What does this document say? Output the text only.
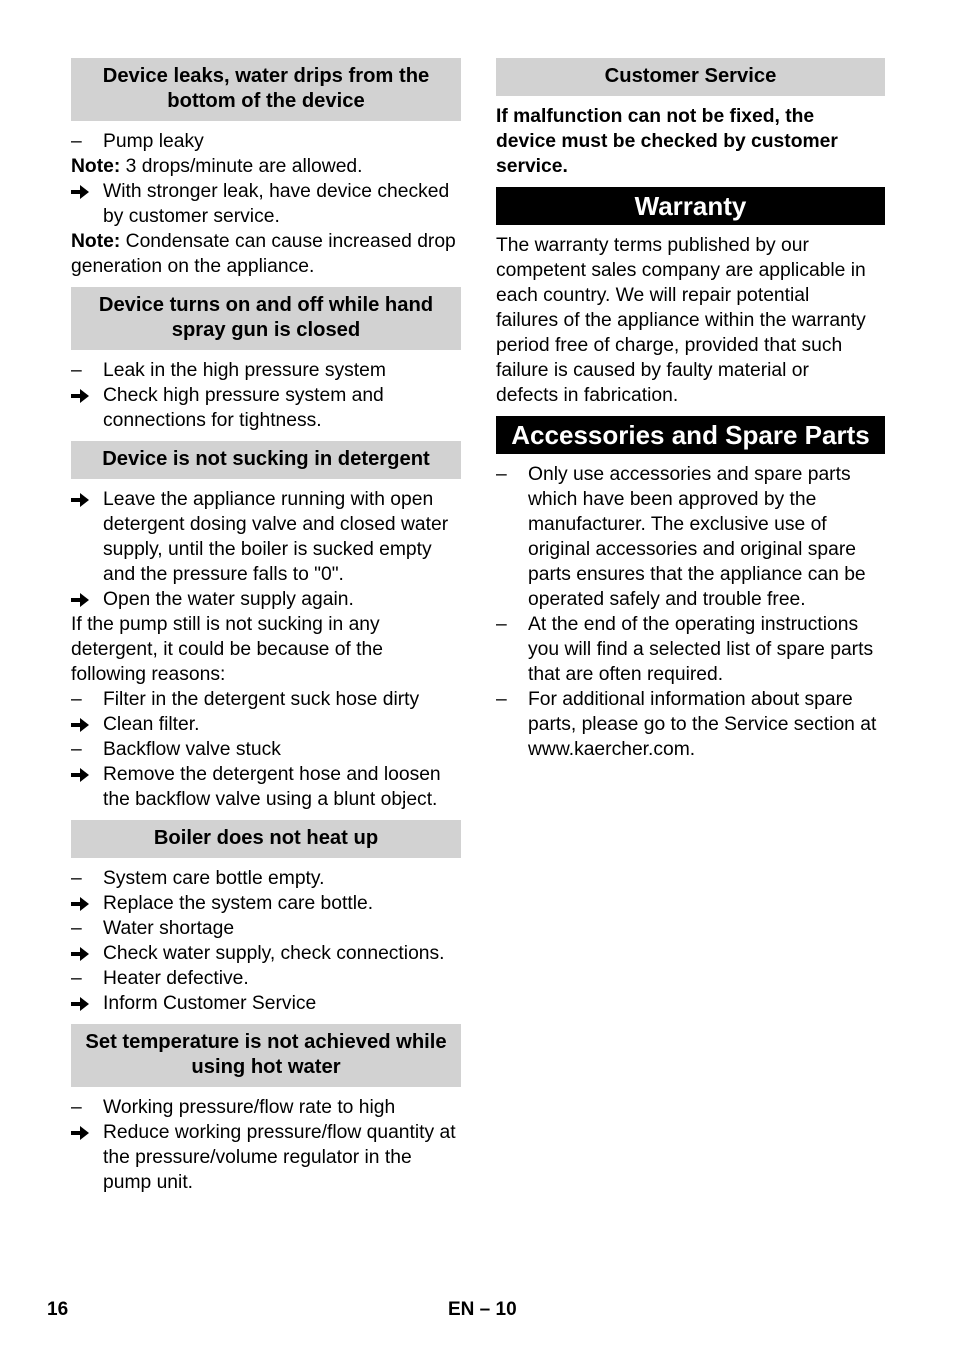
Device leaks, water drips from the bottom of the device
–	Pump leaky
Note: 3 drops/minute are allowed.
With stronger leak, have device checked by customer service.
Note: Condensate can cause increased drop generation on the appliance.
Device turns on and off while hand spray gun is closed
–	Leak in the high pressure system
Check high pressure system and connections for tightness.
Device is not sucking in detergent
Leave the appliance running with open detergent dosing valve and closed water supply, until the boiler is sucked empty and the pressure falls to "0".
Open the water supply again.
If the pump still is not sucking in any detergent, it could be because of the following reasons:
–	Filter in the detergent suck hose dirty
Clean filter.
–	Backflow valve stuck
Remove the detergent hose and loosen the backflow valve using a blunt object.
Boiler does not heat up
–	System care bottle empty.
Replace the system care bottle.
–	Water shortage
Check water supply, check connections.
–	Heater defective.
Inform Customer Service
Set temperature is not achieved while using hot water
–	Working pressure/flow rate to high
Reduce working pressure/flow quantity at the pressure/volume regulator in the pump unit.
Customer Service
If malfunction can not be fixed, the device must be checked by customer service.
Warranty
The warranty terms published by our competent sales company are applicable in each country. We will repair potential failures of the appliance within the warranty period free of charge, provided that such failure is caused by faulty material or defects in fabrication.
Accessories and Spare Parts
–	Only use accessories and spare parts which have been approved by the manufacturer. The exclusive use of original accessories and original spare parts ensures that the appliance can be operated safely and trouble free.
–	At the end of the operating instructions you will find a selected list of spare parts that are often required.
–	For additional information about spare parts, please go to the Service section at www.kaercher.com.
16	EN – 10
